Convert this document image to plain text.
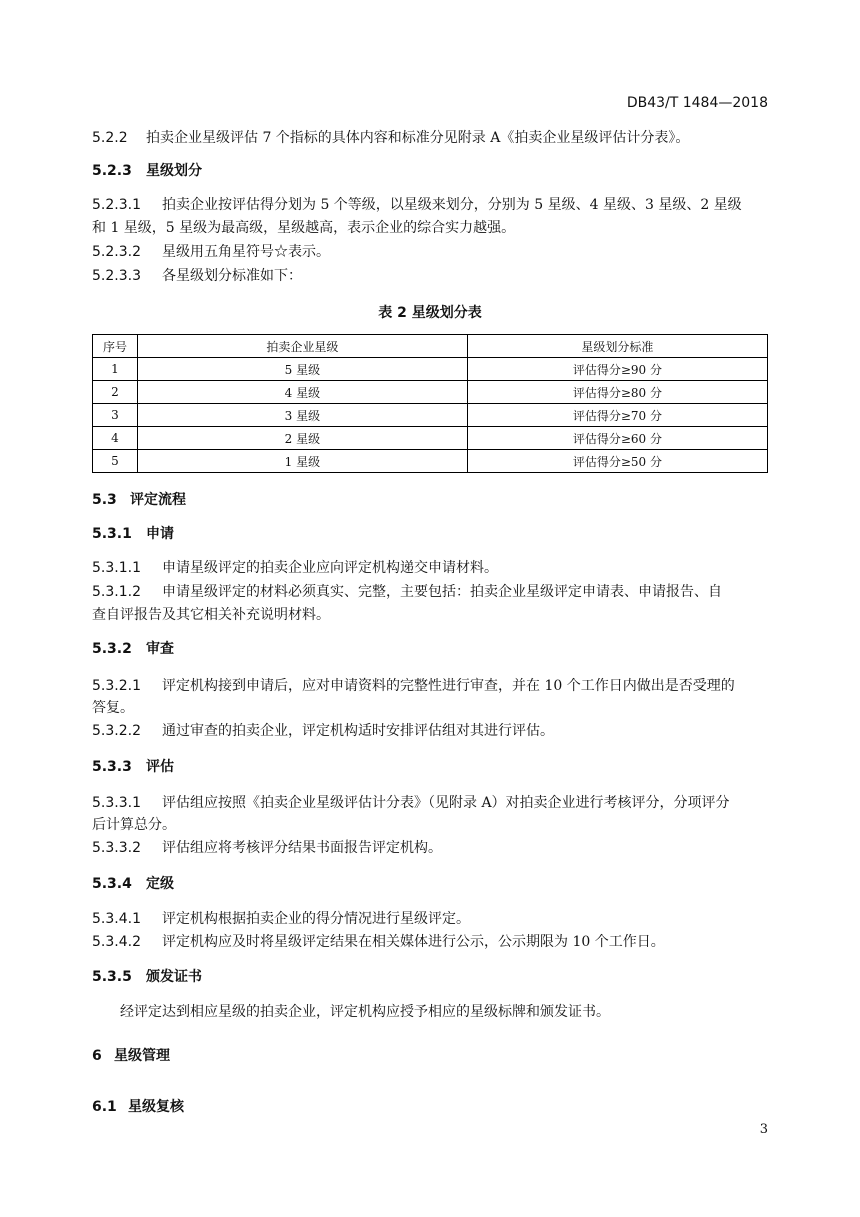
DB43/T 1484—2018
5.2.2 拍卖企业星级评估 7 个指标的具体内容和标准分见附录 A《拍卖企业星级评估计分表》。
5.2.3 星级划分
5.2.3.1 拍卖企业按评估得分划为 5 个等级，以星级来划分，分别为 5 星级、4 星级、3 星级、2 星级
和 1 星级，5 星级为最高级，星级越高，表示企业的综合实力越强。
5.2.3.2 星级用五角星符号☆表示。
5.2.3.3 各星级划分标准如下：
表 2 星级划分表
序号	拍卖企业星级	星级划分标准
1	5 星级	评估得分≥90 分
2	4 星级	评估得分≥80 分
3	3 星级	评估得分≥70 分
4	2 星级	评估得分≥60 分
5	1 星级	评估得分≥50 分
5.3 评定流程
5.3.1 申请
5.3.1.1 申请星级评定的拍卖企业应向评定机构递交申请材料。
5.3.1.2 申请星级评定的材料必须真实、完整，主要包括：拍卖企业星级评定申请表、申请报告、自
查自评报告及其它相关补充说明材料。
5.3.2 审查
5.3.2.1 评定机构接到申请后，应对申请资料的完整性进行审查，并在 10 个工作日内做出是否受理的
答复。
5.3.2.2 通过审查的拍卖企业，评定机构适时安排评估组对其进行评估。
5.3.3 评估
5.3.3.1 评估组应按照《拍卖企业星级评估计分表》（见附录 A）对拍卖企业进行考核评分，分项评分
后计算总分。
5.3.3.2 评估组应将考核评分结果书面报告评定机构。
5.3.4 定级
5.3.4.1 评定机构根据拍卖企业的得分情况进行星级评定。
5.3.4.2 评定机构应及时将星级评定结果在相关媒体进行公示，公示期限为 10 个工作日。
5.3.5 颁发证书
经评定达到相应星级的拍卖企业，评定机构应授予相应的星级标牌和颁发证书。
6 星级管理
6.1 星级复核
3
